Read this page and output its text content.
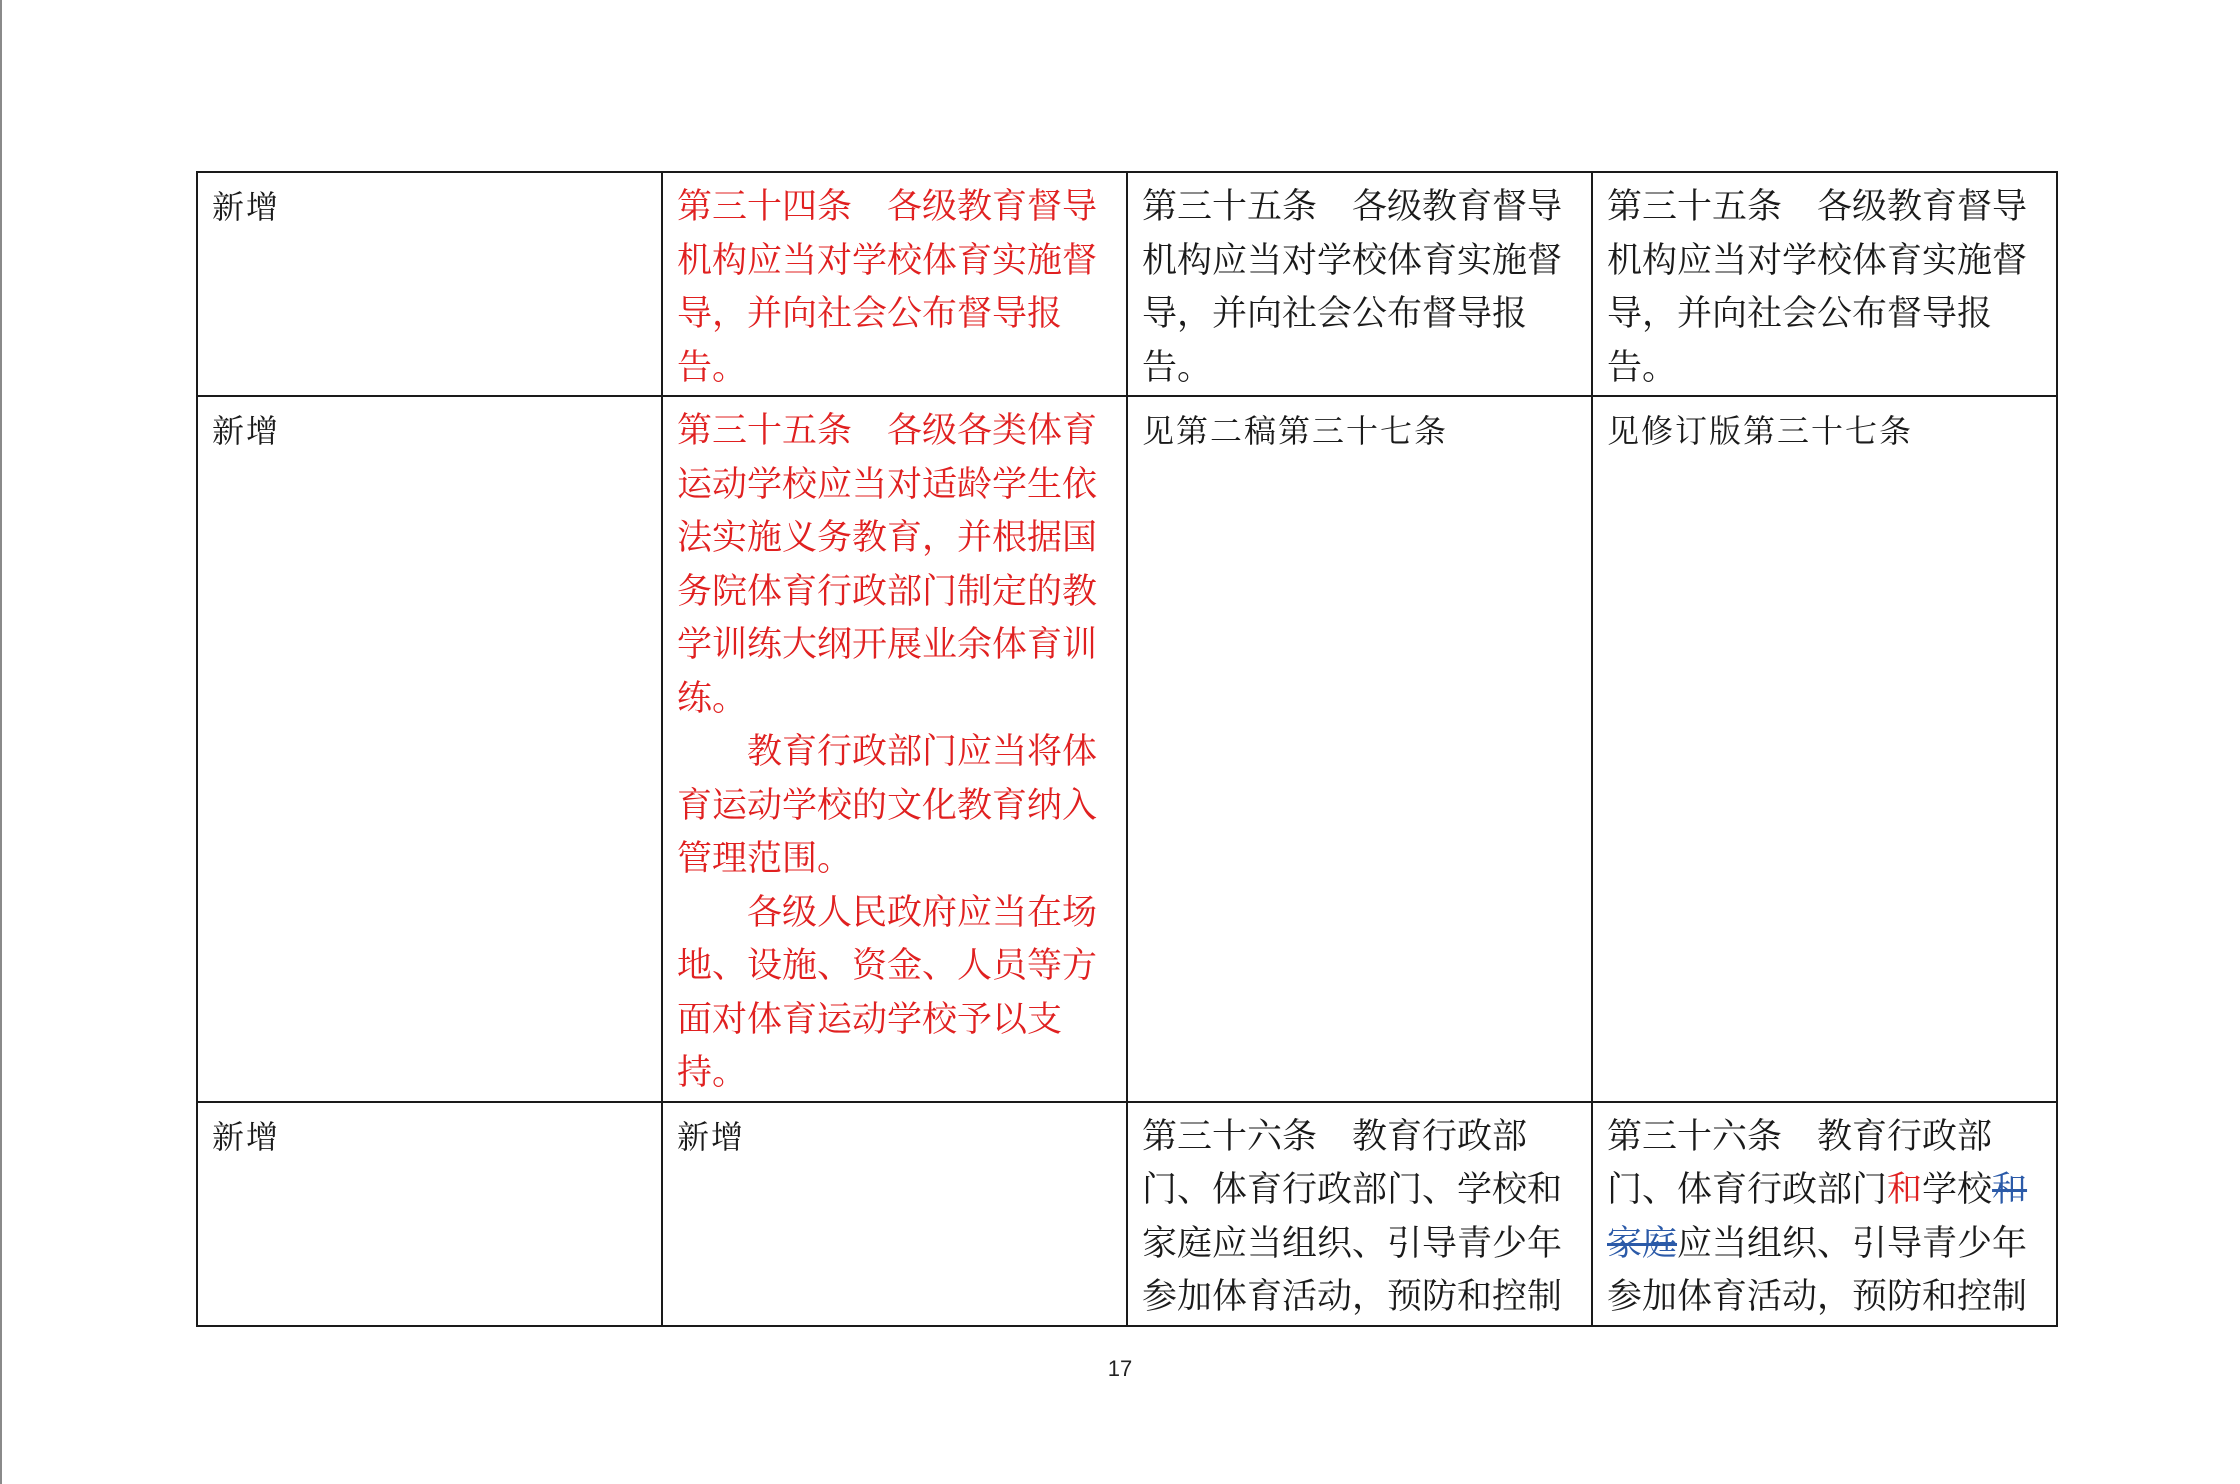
新增	第三十四条　各级教育督导机构应当对学校体育实施督导，并向社会公布督导报告。	第三十五条　各级教育督导机构应当对学校体育实施督导，并向社会公布督导报告。	第三十五条　各级教育督导机构应当对学校体育实施督导，并向社会公布督导报告。
新增	第三十五条　各级各类体育运动学校应当对适龄学生依法实施义务教育，并根据国务院体育行政部门制定的教学训练大纲开展业余体育训练。

教育行政部门应当将体育运动学校的文化教育纳入管理范围。

各级人民政府应当在场地、设施、资金、人员等方面对体育运动学校予以支持。	见第二稿第三十七条	见修订版第三十七条
新增	新增	第三十六条　教育行政部门、体育行政部门、学校和家庭应当组织、引导青少年参加体育活动，预防和控制	第三十六条　教育行政部门、体育行政部门和学校和家庭应当组织、引导青少年参加体育活动，预防和控制
17
